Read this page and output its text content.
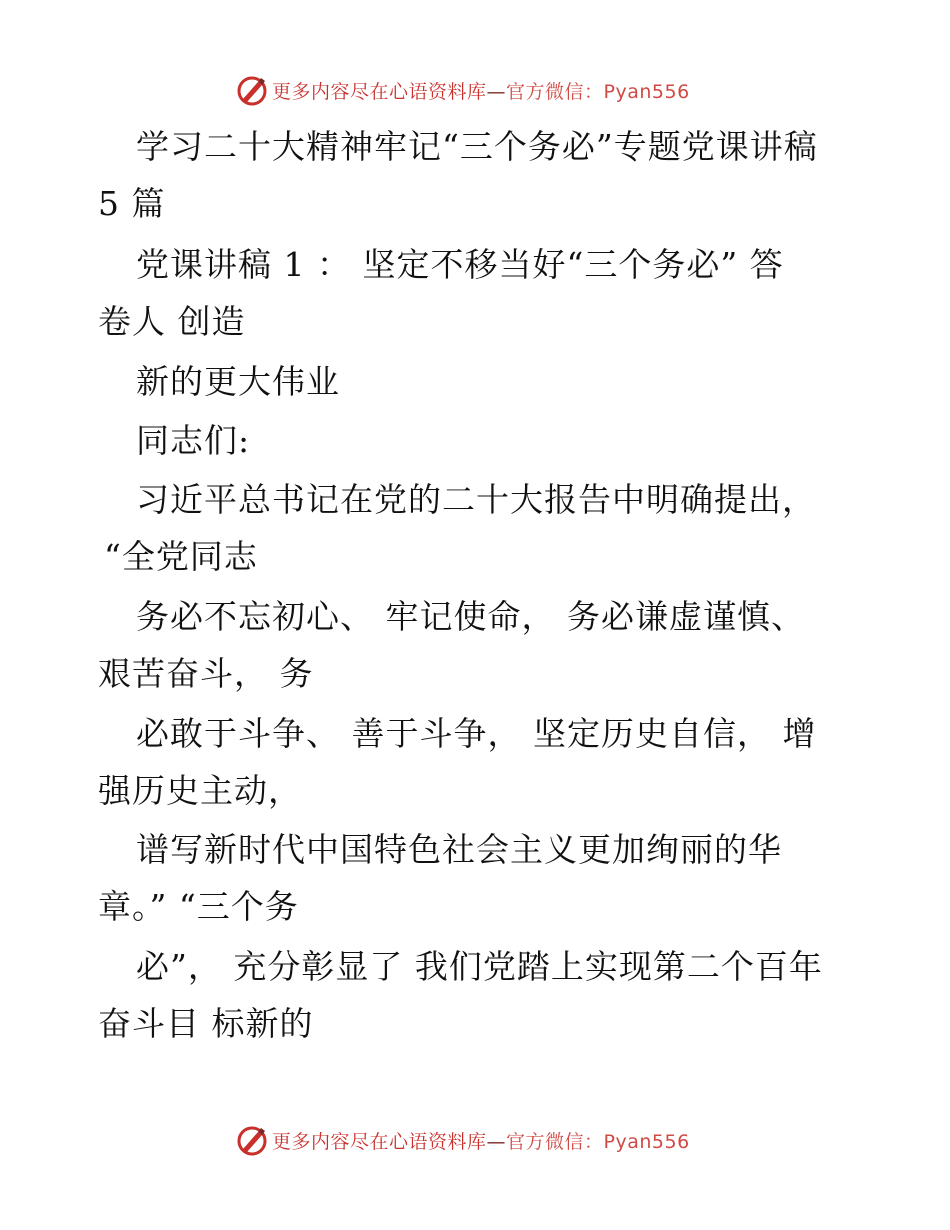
更多内容尽在心语资料库—官方微信：Pyan556
学习二十大精神牢记“三个务必”专题党课讲稿
5 篇
党课讲稿 1 ： 坚定不移当好“三个务必” 答
卷人 创造
新的更大伟业
同志们:
习近平总书记在党的二十大报告中明确提出，
“全党同志
务必不忘初心、 牢记使命， 务必谦虚谨慎、
艰苦奋斗， 务
必敢于斗争、 善于斗争， 坚定历史自信， 增
强历史主动，
谱写新时代中国特色社会主义更加绚丽的华
章。” “三个务
必”， 充分彰显了 我们党踏上实现第二个百年
奋斗目 标新的
更多内容尽在心语资料库—官方微信：Pyan556
